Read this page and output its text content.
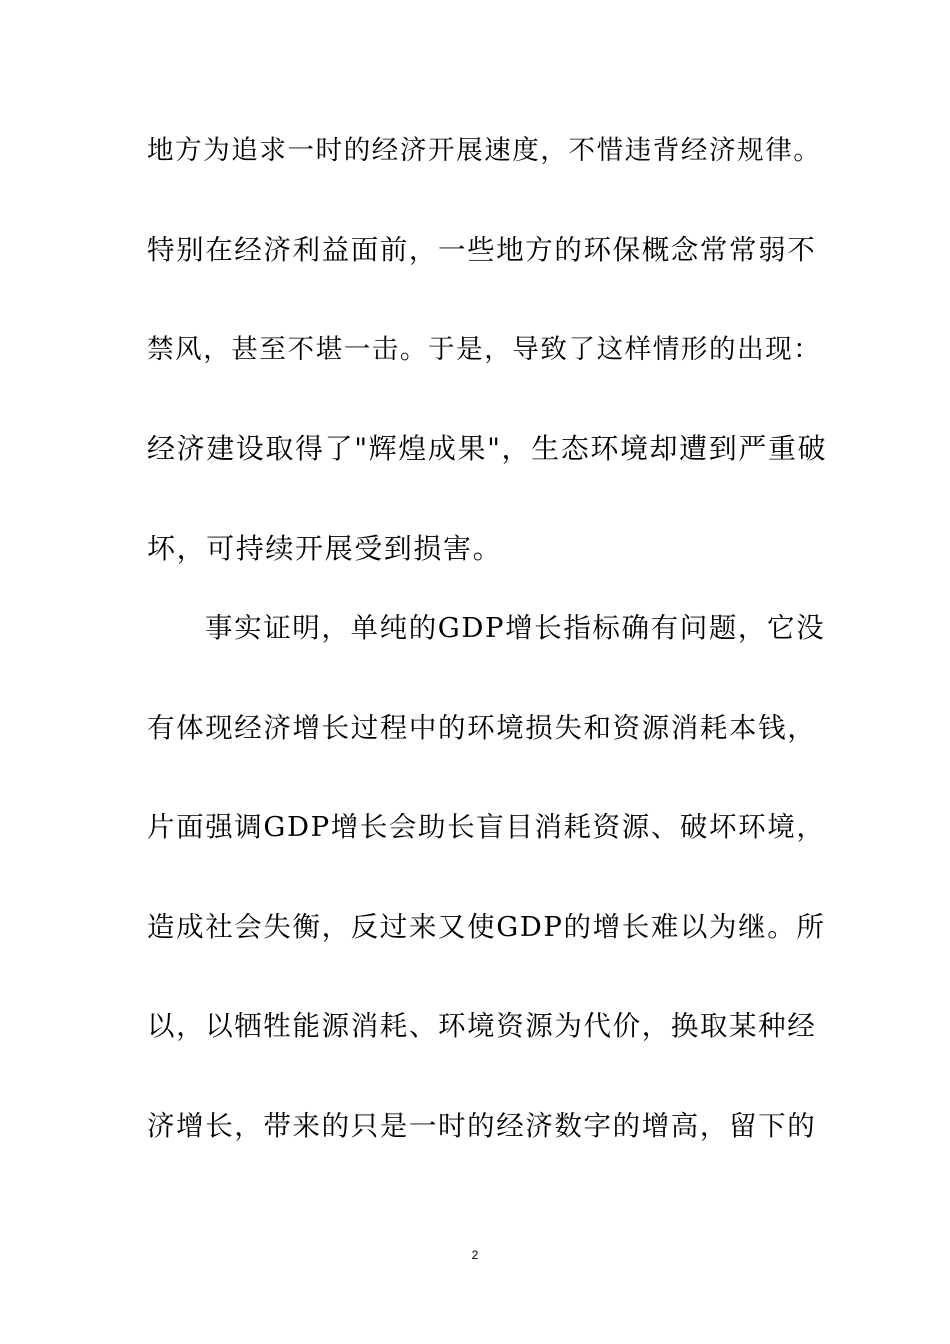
地方为追求一时的经济开展速度，不惜违背经济规律。
特别在经济利益面前，一些地方的环保概念常常弱不
禁风，甚至不堪一击。于是，导致了这样情形的出现：
经济建设取得了"辉煌成果"，生态环境却遭到严重破
坏，可持续开展受到损害。
事实证明，单纯的GDP增长指标确有问题，它没
有体现经济增长过程中的环境损失和资源消耗本钱，
片面强调GDP增长会助长盲目消耗资源、破坏环境，
造成社会失衡，反过来又使GDP的增长难以为继。所
以，以牺牲能源消耗、环境资源为代价，换取某种经
济增长，带来的只是一时的经济数字的增高，留下的
2
